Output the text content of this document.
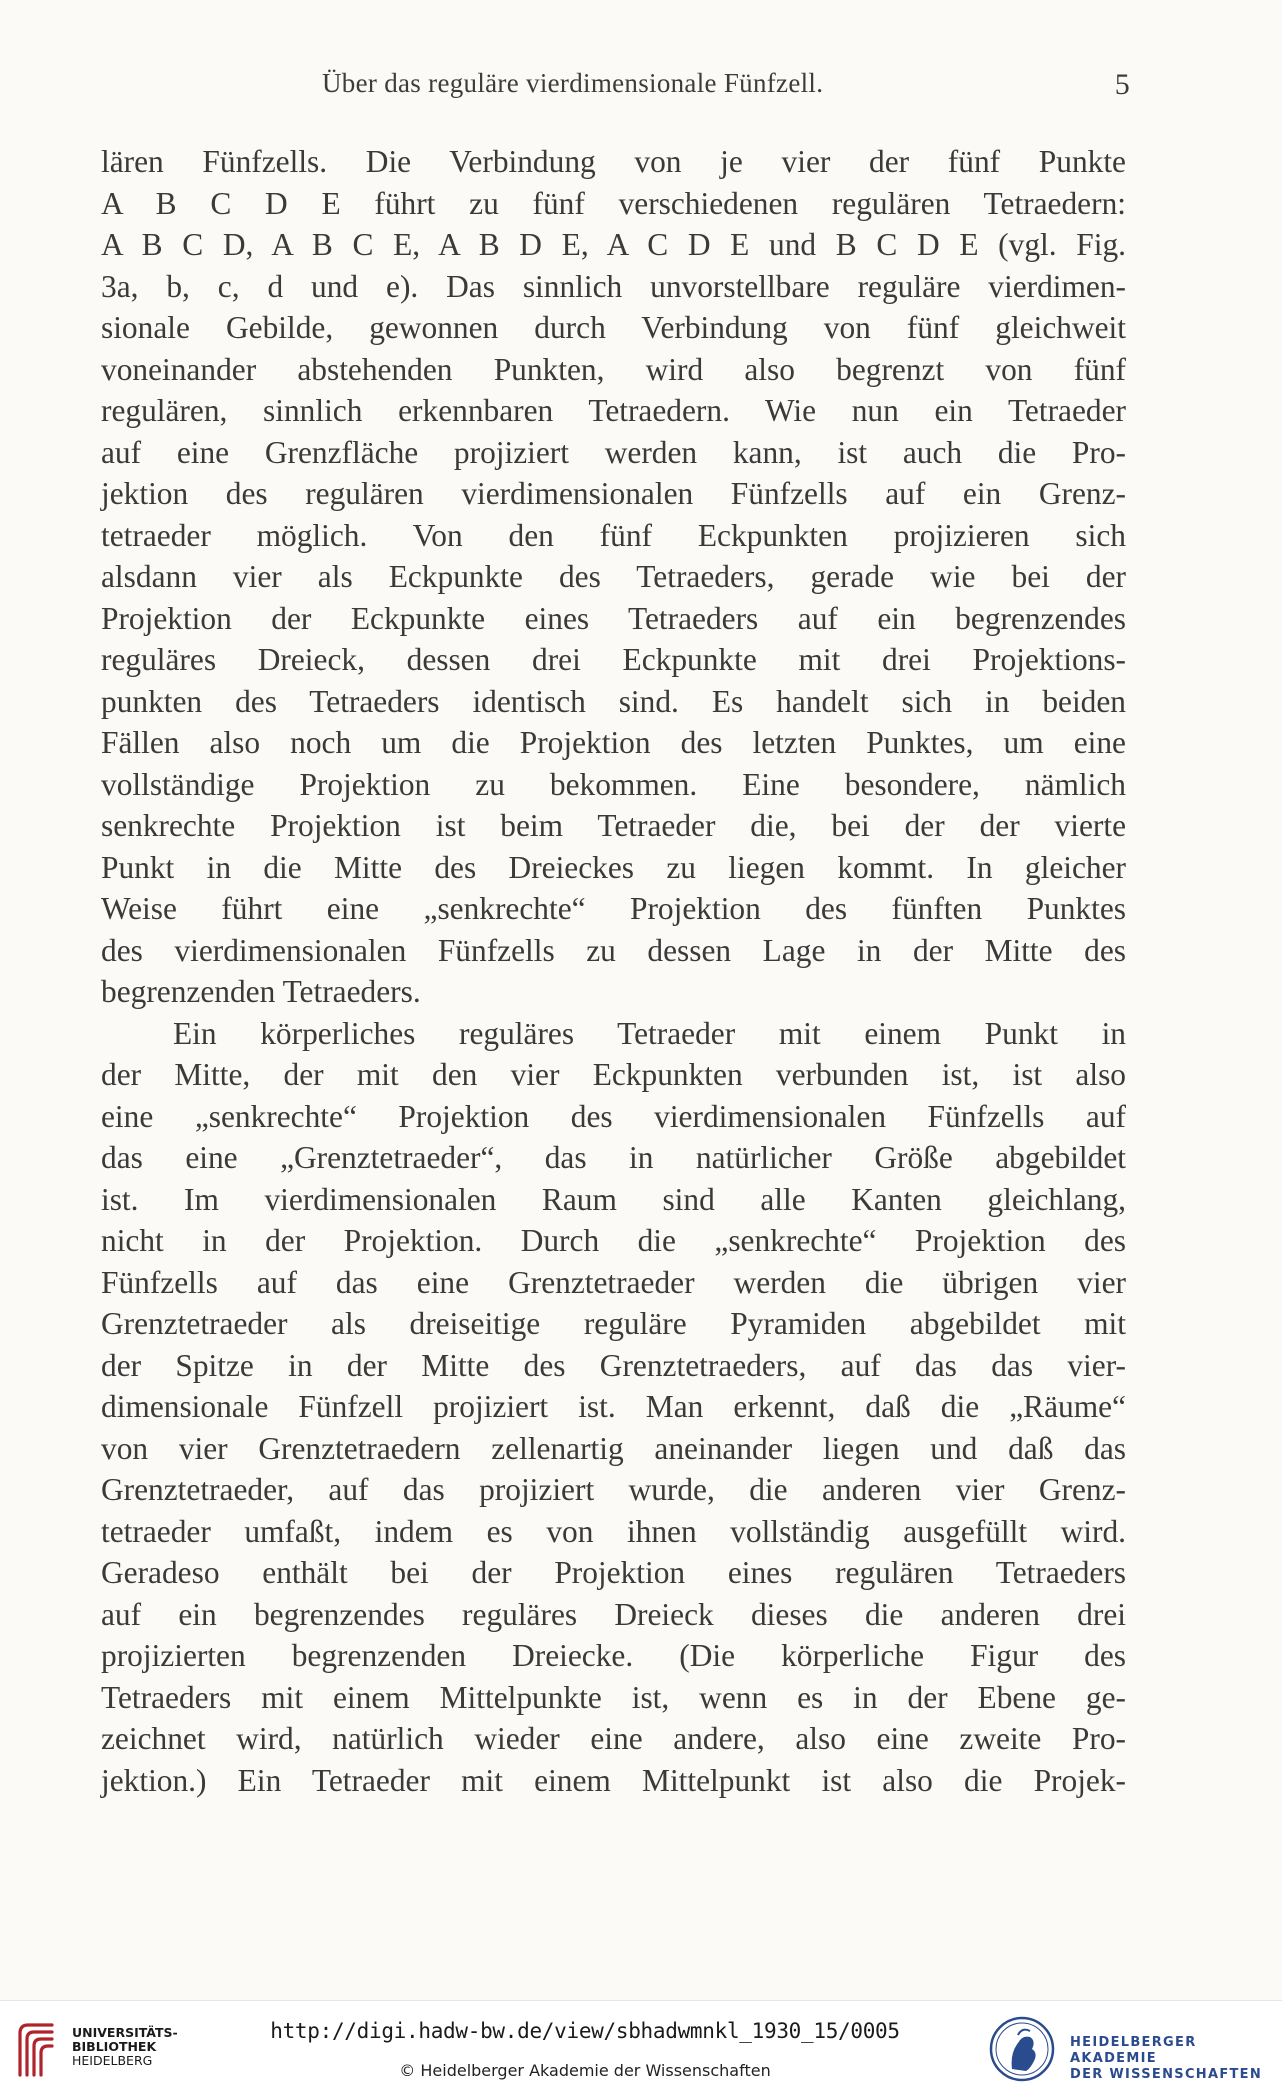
Über das reguläre vierdimensionale Fünfzell.	5
lären Fünfzells. Die Verbindung von je vier der fünf Punkte
A B C D E führt zu fünf verschiedenen regulären Tetraedern:
A B C D, A B C E, A B D E, A C D E und B C D E (vgl. Fig.
3a, b, c, d und e). Das sinnlich unvorstellbare reguläre vierdimen-
sionale Gebilde, gewonnen durch Verbindung von fünf gleichweit
voneinander abstehenden Punkten, wird also begrenzt von fünf
regulären, sinnlich erkennbaren Tetraedern. Wie nun ein Tetraeder
auf eine Grenzfläche projiziert werden kann, ist auch die Pro-
jektion des regulären vierdimensionalen Fünfzells auf ein Grenz-
tetraeder möglich. Von den fünf Eckpunkten projizieren sich
alsdann vier als Eckpunkte des Tetraeders, gerade wie bei der
Projektion der Eckpunkte eines Tetraeders auf ein begrenzendes
reguläres Dreieck, dessen drei Eckpunkte mit drei Projektions-
punkten des Tetraeders identisch sind. Es handelt sich in beiden
Fällen also noch um die Projektion des letzten Punktes, um eine
vollständige Projektion zu bekommen. Eine besondere, nämlich
senkrechte Projektion ist beim Tetraeder die, bei der der vierte
Punkt in die Mitte des Dreieckes zu liegen kommt. In gleicher
Weise führt eine „senkrechte“ Projektion des fünften Punktes
des vierdimensionalen Fünfzells zu dessen Lage in der Mitte des
begrenzenden Tetraeders.
Ein körperliches reguläres Tetraeder mit einem Punkt in
der Mitte, der mit den vier Eckpunkten verbunden ist, ist also
eine „senkrechte“ Projektion des vierdimensionalen Fünfzells auf
das eine „Grenztetraeder“, das in natürlicher Größe abgebildet
ist. Im vierdimensionalen Raum sind alle Kanten gleichlang,
nicht in der Projektion. Durch die „senkrechte“ Projektion des
Fünfzells auf das eine Grenztetraeder werden die übrigen vier
Grenztetraeder als dreiseitige reguläre Pyramiden abgebildet mit
der Spitze in der Mitte des Grenztetraeders, auf das das vier-
dimensionale Fünfzell projiziert ist. Man erkennt, daß die „Räume“
von vier Grenztetraedern zellenartig aneinander liegen und daß das
Grenztetraeder, auf das projiziert wurde, die anderen vier Grenz-
tetraeder umfaßt, indem es von ihnen vollständig ausgefüllt wird.
Geradeso enthält bei der Projektion eines regulären Tetraeders
auf ein begrenzendes reguläres Dreieck dieses die anderen drei
projizierten begrenzenden Dreiecke. (Die körperliche Figur des
Tetraeders mit einem Mittelpunkte ist, wenn es in der Ebene ge-
zeichnet wird, natürlich wieder eine andere, also eine zweite Pro-
jektion.) Ein Tetraeder mit einem Mittelpunkt ist also die Projek-
UNIVERSITÄTS-
BIBLIOTHEK
HEIDELBERG
http://digi.hadw-bw.de/view/sbhadwmnkl_1930_15/0005
© Heidelberger Akademie der Wissenschaften
HEIDELBERGER AKADEMIE
DER WISSENSCHAFTEN
